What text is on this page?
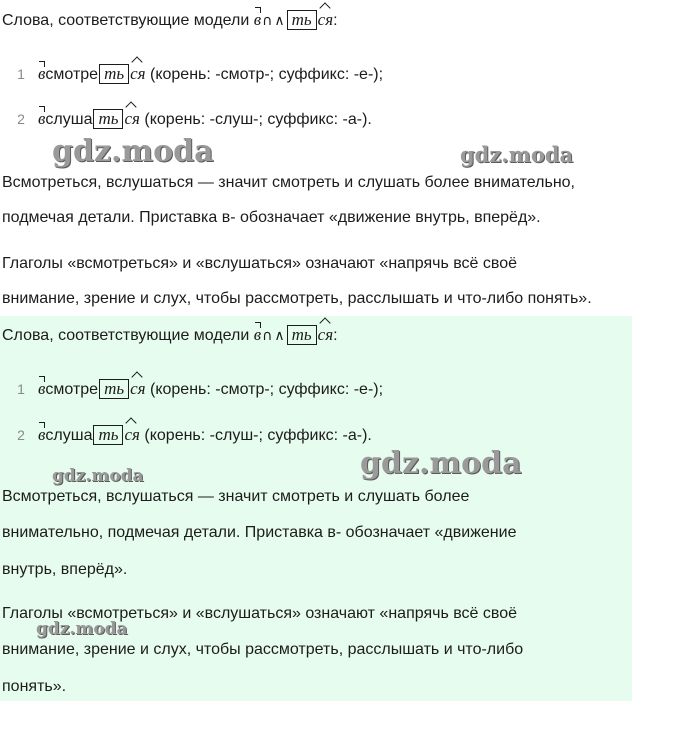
Слова, соответствующие модели в∩ ∧ ть ся:
1 всмотре ть ся (корень: -смотр-; суффикс: -е-);
2 вслуша ть ся (корень: -слуш-; суффикс: -а-).
Всмотреться, вслушаться — значит смотреть и слушать более внимательно,
подмечая детали. Приставка в- обозначает «движение внутрь, вперёд».
Глаголы «всмотреться» и «вслушаться» означают «напрячь всё своё
внимание, зрение и слух, чтобы рассмотреть, расслышать и что-либо понять».
gdz.moda	gdz.moda
Слова, соответствующие модели в∩ ∧ ть ся:
1 всмотре ть ся (корень: -смотр-; суффикс: -е-);
2 вслуша ть ся (корень: -слуш-; суффикс: -а-).
Всмотреться, вслушаться — значит смотреть и слушать более
внимательно, подмечая детали. Приставка в- обозначает «движение
внутрь, вперёд».
Глаголы «всмотреться» и «вслушаться» означают «напрячь всё своё
внимание, зрение и слух, чтобы рассмотреть, расслышать и что-либо
понять».
gdz.moda	gdz.moda
gdz.moda
